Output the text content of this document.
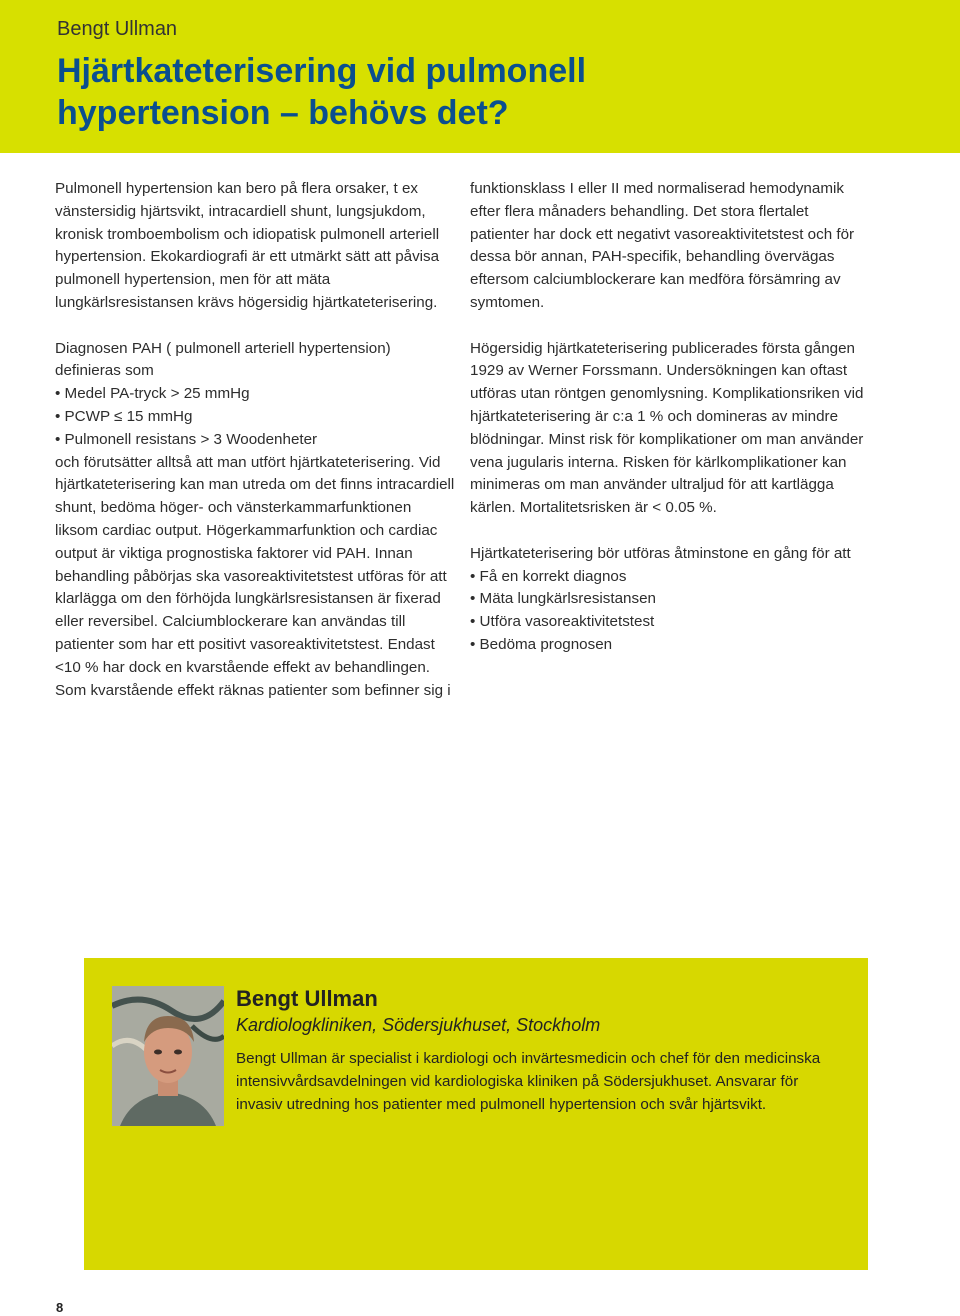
Bengt Ullman
Hjärtkateterisering vid pulmonell hypertension – behövs det?

Pulmonell hypertension kan bero på flera orsaker, t ex vänstersidig hjärtsvikt, intracardiell shunt, lungsjukdom, kronisk tromboembolism och idiopatisk pulmonell arteriell hypertension. Ekokardiografi är ett utmärkt sätt att påvisa pulmonell hypertension, men för att mäta lungkärlsresistansen krävs högersidig hjärtkateterisering.

Diagnosen PAH ( pulmonell arteriell hypertension) definieras som
• Medel PA-tryck > 25 mmHg
• PCWP ≤ 15 mmHg
• Pulmonell resistans > 3 Woodenheter
och förutsätter alltså att man utfört hjärtkateterisering. Vid hjärtkateterisering kan man utreda om det finns intracardiell shunt, bedöma höger- och vänsterkammarfunktionen liksom cardiac output. Högerkammarfunktion och cardiac output är viktiga prognostiska faktorer vid PAH. Innan behandling påbörjas ska vasoreaktivitetstest utföras för att klarlägga om den förhöjda lungkärlsresistansen är fixerad eller reversibel. Calciumblockerare kan användas till patienter som har ett positivt vasoreaktivitetstest. Endast <10 % har dock en kvarstående effekt av behandlingen. Som kvarstående effekt räknas patienter som befinner sig i

funktionsklass I eller II med normaliserad hemodynamik efter flera månaders behandling. Det stora flertalet patienter har dock ett negativt vasoreaktivitetstest och för dessa bör annan, PAH-specifik, behandling övervägas eftersom calciumblockerare kan medföra försämring av symtomen.

Högersidig hjärtkateterisering publicerades första gången 1929 av Werner Forssmann. Undersökningen kan oftast utföras utan röntgen genomlysning. Komplikationsriken vid hjärtkateterisering är c:a 1 % och domineras av mindre blödningar. Minst risk för komplikationer om man använder vena jugularis interna. Risken för kärlkomplikationer kan minimeras om man använder ultraljud för att kartlägga kärlen. Mortalitetsrisken är < 0.05 %.

Hjärtkateterisering bör utföras åtminstone en gång för att
• Få en korrekt diagnos
• Mäta lungkärlsresistansen
• Utföra vasoreaktivitetstest
• Bedöma prognosen
Bengt Ullman
Kardiologkliniken, Södersjukhuset, Stockholm
Bengt Ullman är specialist i kardiologi och invärtesmedicin och chef för den medicinska intensivvårdsavdelningen vid kardiologiska kliniken på Södersjukhuset. Ansvarar för invasiv utredning hos patienter med pulmonell hypertension och svår hjärtsvikt.
8
